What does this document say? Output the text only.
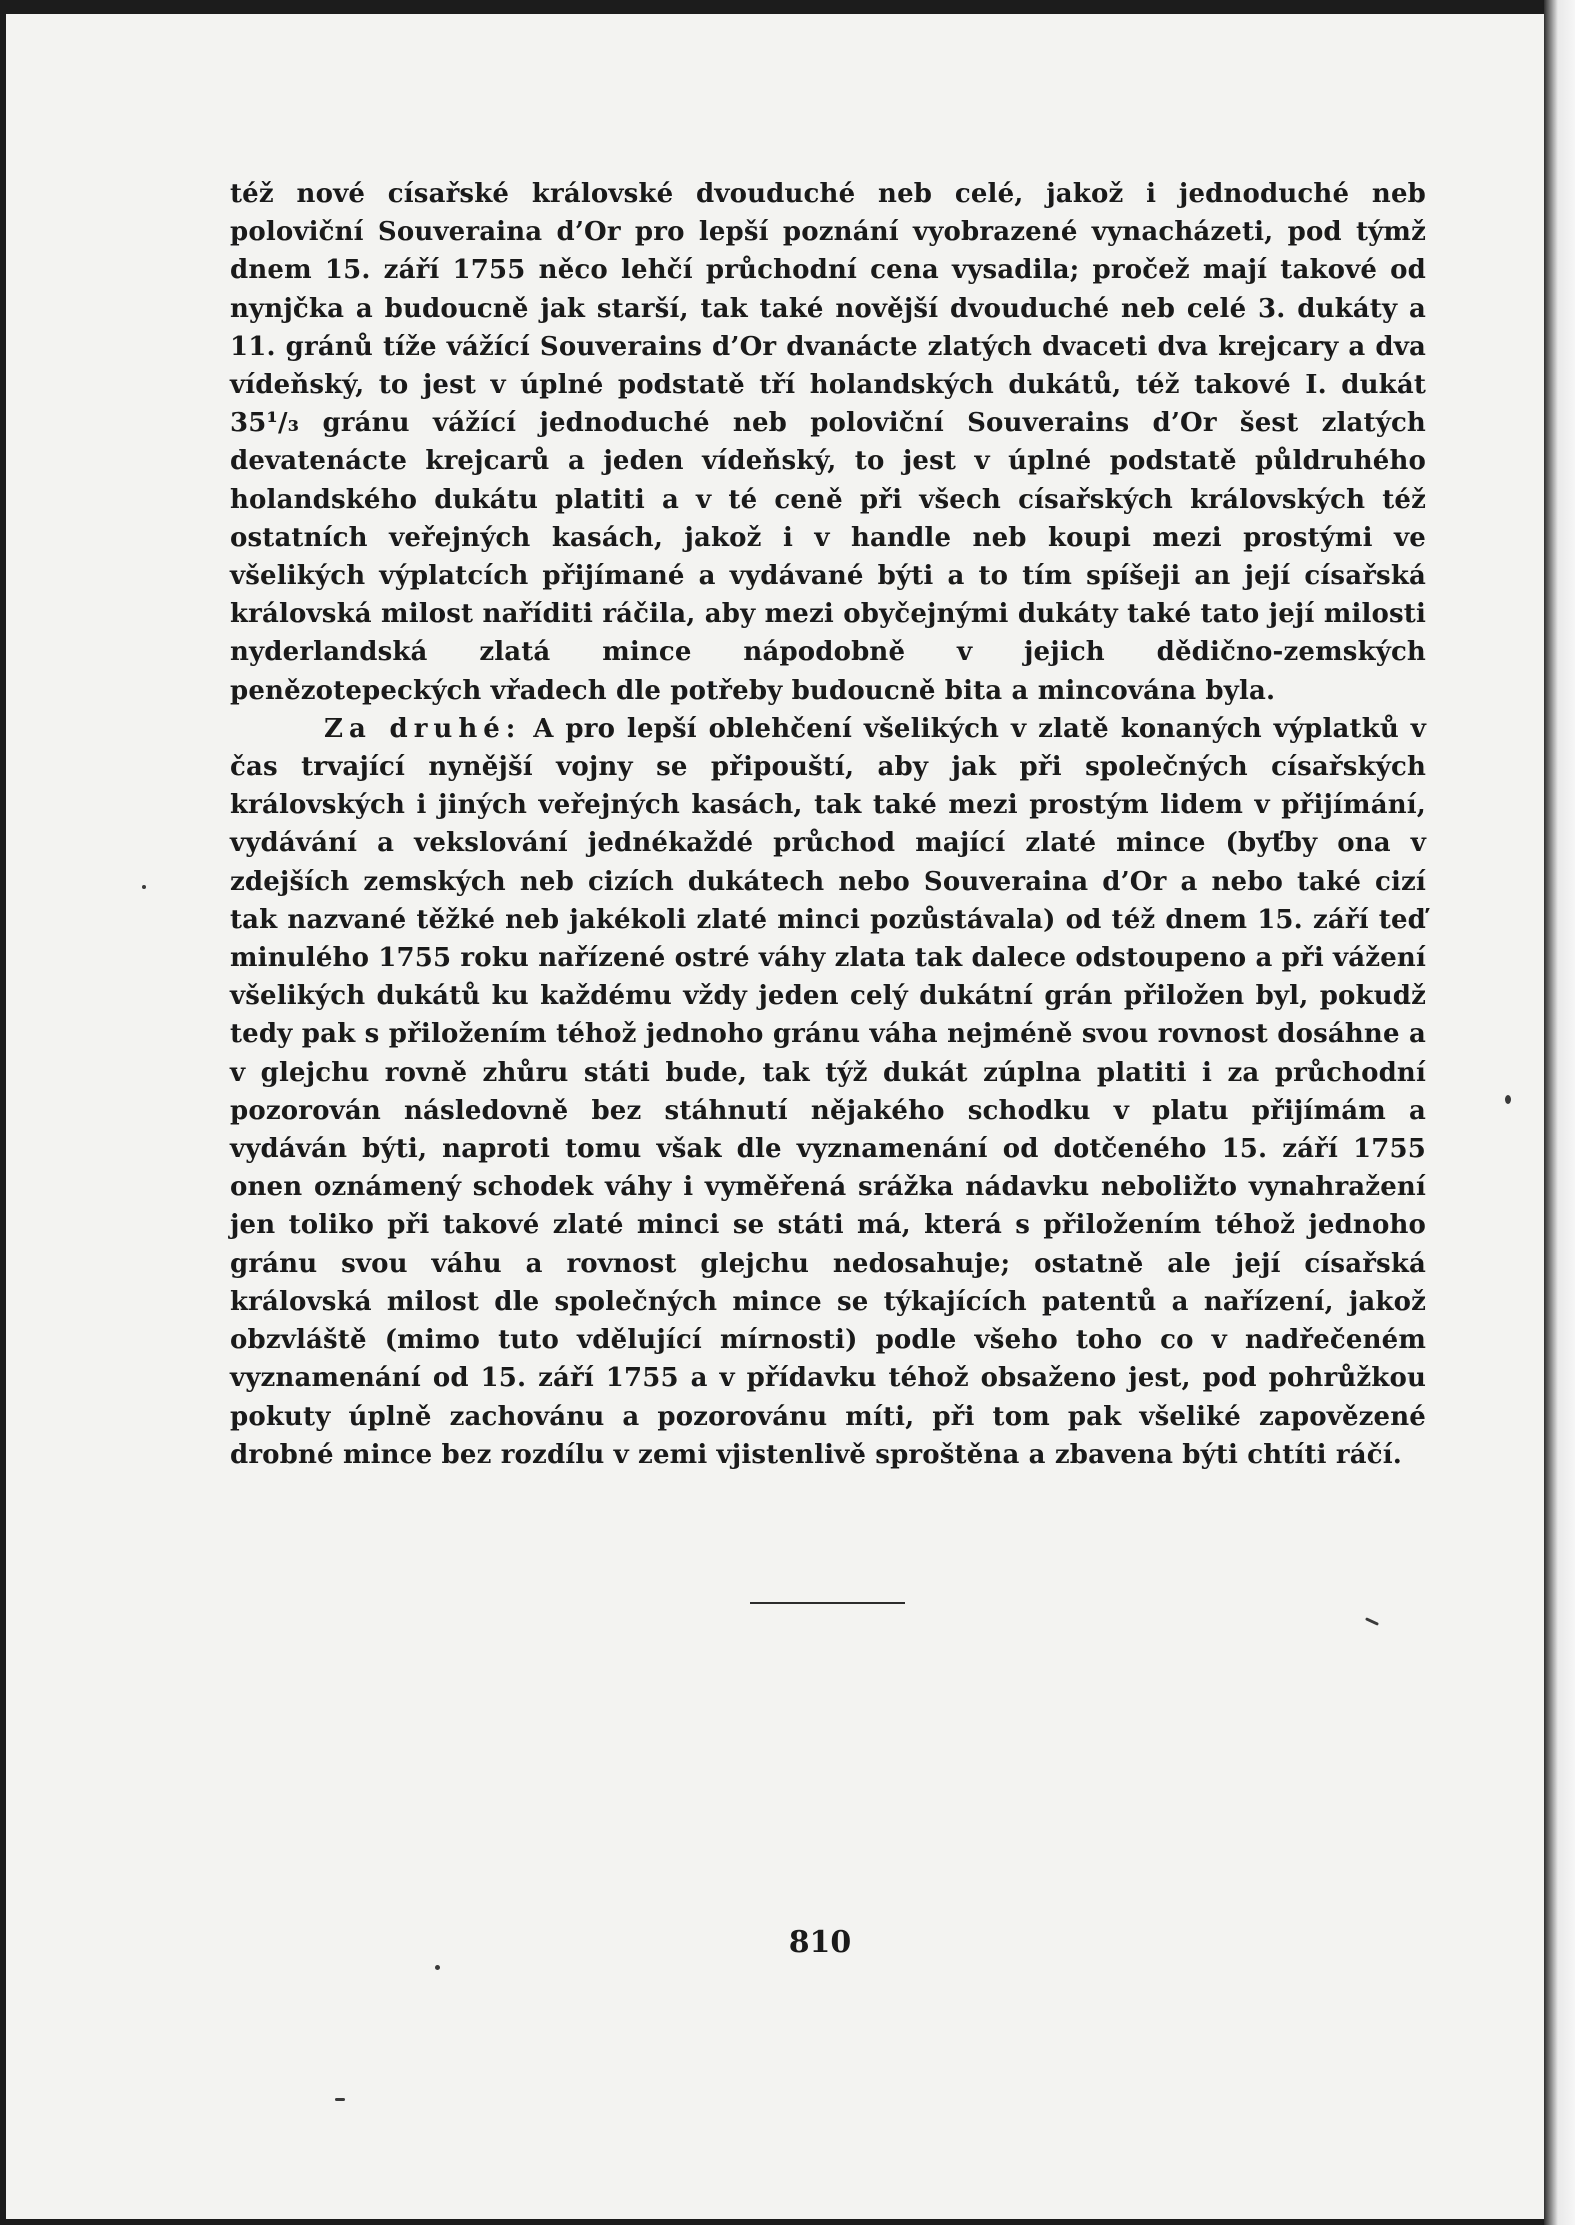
též nové císařské královské dvouduché neb celé, jakož i jednoduché neb poloviční Souveraina d’Or pro lepší poznání vyobrazené vynacházeti, pod týmž dnem 15. září 1755 něco lehčí průchodní cena vysadila; pročež mají takové od nynjčka a budoucně jak starší, tak také novější dvouduché neb celé 3. dukáty a 11. gránů tíže vážící Souverains d’Or dvanácte zlatých dvaceti dva krejcary a dva vídeňský, to jest v úplné podstatě tří holandských dukátů, též takové I. dukát 35¹/₃ gránu vážící jednoduché neb poloviční Souverains d’Or šest zlatých devatenácte krejcarů a jeden vídeňský, to jest v úplné podstatě půldruhého holandského dukátu platiti a v té ceně při všech císařských královských též ostatních veřejných kasách, jakož i v handle neb koupi mezi prostými ve všelikých výplatcích přijímané a vydávané býti a to tím spíšeji an její císařská královská milost naříditi ráčila, aby mezi obyčejnými dukáty také tato její milosti nyderlandská zlatá mince nápodobně v jejich dědično-zemských penězotepeckých vřadech dle potřeby budoucně bita a mincována byla.

Za druhé: A pro lepší oblehčení všelikých v zlatě konaných výplatků v čas trvající nynější vojny se připouští, aby jak při společných císařských královských i jiných veřejných kasách, tak také mezi prostým lidem v přijímání, vydávání a vekslování jednékaždé průchod mající zlaté mince (byťby ona v zdejších zemských neb cizích dukátech nebo Souveraina d’Or a nebo také cizí tak nazvané těžké neb jakékoli zlaté minci pozůstávala) od též dnem 15. září teď minulého 1755 roku nařízené ostré váhy zlata tak dalece odstoupeno a při vážení všelikých dukátů ku každému vždy jeden celý dukátní grán přiložen byl, pokudž tedy pak s přiložením téhož jednoho gránu váha nejméně svou rovnost dosáhne a v glejchu rovně zhůru státi bude, tak týž dukát zúplna platiti i za průchodní pozorován následovně bez stáhnutí nějakého schodku v platu přijímám a vydáván býti, naproti tomu však dle vyznamenání od dotčeného 15. září 1755 onen oznámený schodek váhy i vyměřená srážka nádavku neboližto vynahražení jen toliko při takové zlaté minci se státi má, která s přiložením téhož jednoho gránu svou váhu a rovnost glejchu nedosahuje; ostatně ale její císařská královská milost dle společných mince se týkajících patentů a nařízení, jakož obzvláště (mimo tuto vdělující mírnosti) podle všeho toho co v nadřečeném vyznamenání od 15. září 1755 a v přídavku téhož obsaženo jest, pod pohrůžkou pokuty úplně zachovánu a pozorovánu míti, při tom pak všeliké zapovězené drobné mince bez rozdílu v zemi vjistenlivě sproštěna a zbavena býti chtíti ráčí.

810
